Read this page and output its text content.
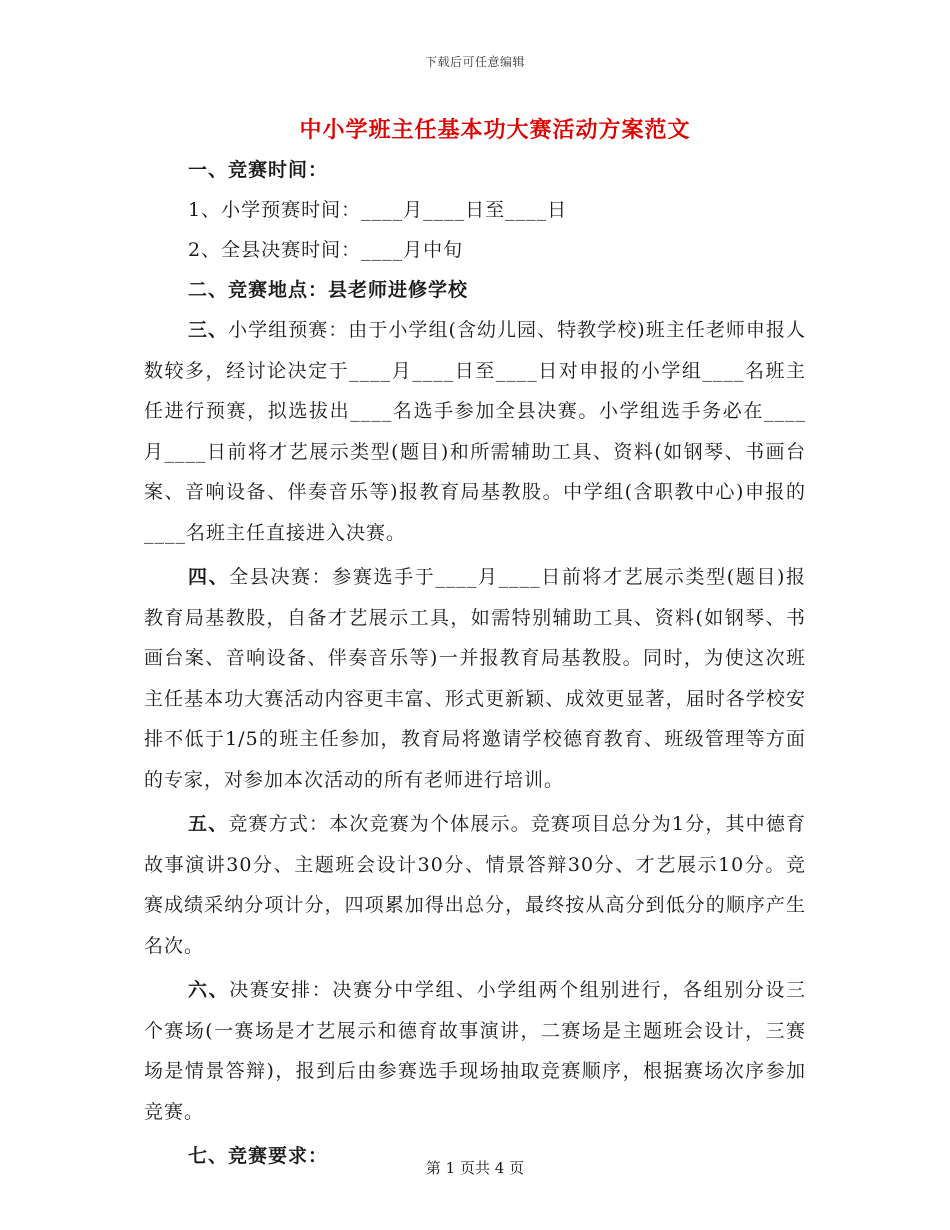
下载后可任意编辑
中小学班主任基本功大赛活动方案范文
一、竞赛时间：
1、小学预赛时间：____月____日至____日
2、全县决赛时间：____月中旬
二、竞赛地点：县老师进修学校
三、小学组预赛：由于小学组(含幼儿园、特教学校)班主任老师申报人数较多，经讨论决定于____月____日至____日对申报的小学组____名班主任进行预赛，拟选拔出____名选手参加全县决赛。小学组选手务必在____月____日前将才艺展示类型(题目)和所需辅助工具、资料(如钢琴、书画台案、音响设备、伴奏音乐等)报教育局基教股。中学组(含职教中心)申报的____名班主任直接进入决赛。
四、全县决赛：参赛选手于____月____日前将才艺展示类型(题目)报教育局基教股，自备才艺展示工具，如需特别辅助工具、资料(如钢琴、书画台案、音响设备、伴奏音乐等)一并报教育局基教股。同时，为使这次班主任基本功大赛活动内容更丰富、形式更新颖、成效更显著，届时各学校安排不低于1/5的班主任参加，教育局将邀请学校德育教育、班级管理等方面的专家，对参加本次活动的所有老师进行培训。
五、竞赛方式：本次竞赛为个体展示。竞赛项目总分为1分，其中德育故事演讲30分、主题班会设计30分、情景答辩30分、才艺展示10分。竞赛成绩采纳分项计分，四项累加得出总分，最终按从高分到低分的顺序产生名次。
六、决赛安排：决赛分中学组、小学组两个组别进行，各组别分设三个赛场(一赛场是才艺展示和德育故事演讲，二赛场是主题班会设计，三赛场是情景答辩)，报到后由参赛选手现场抽取竞赛顺序，根据赛场次序参加竞赛。
七、竞赛要求：
第 1 页共 4 页
